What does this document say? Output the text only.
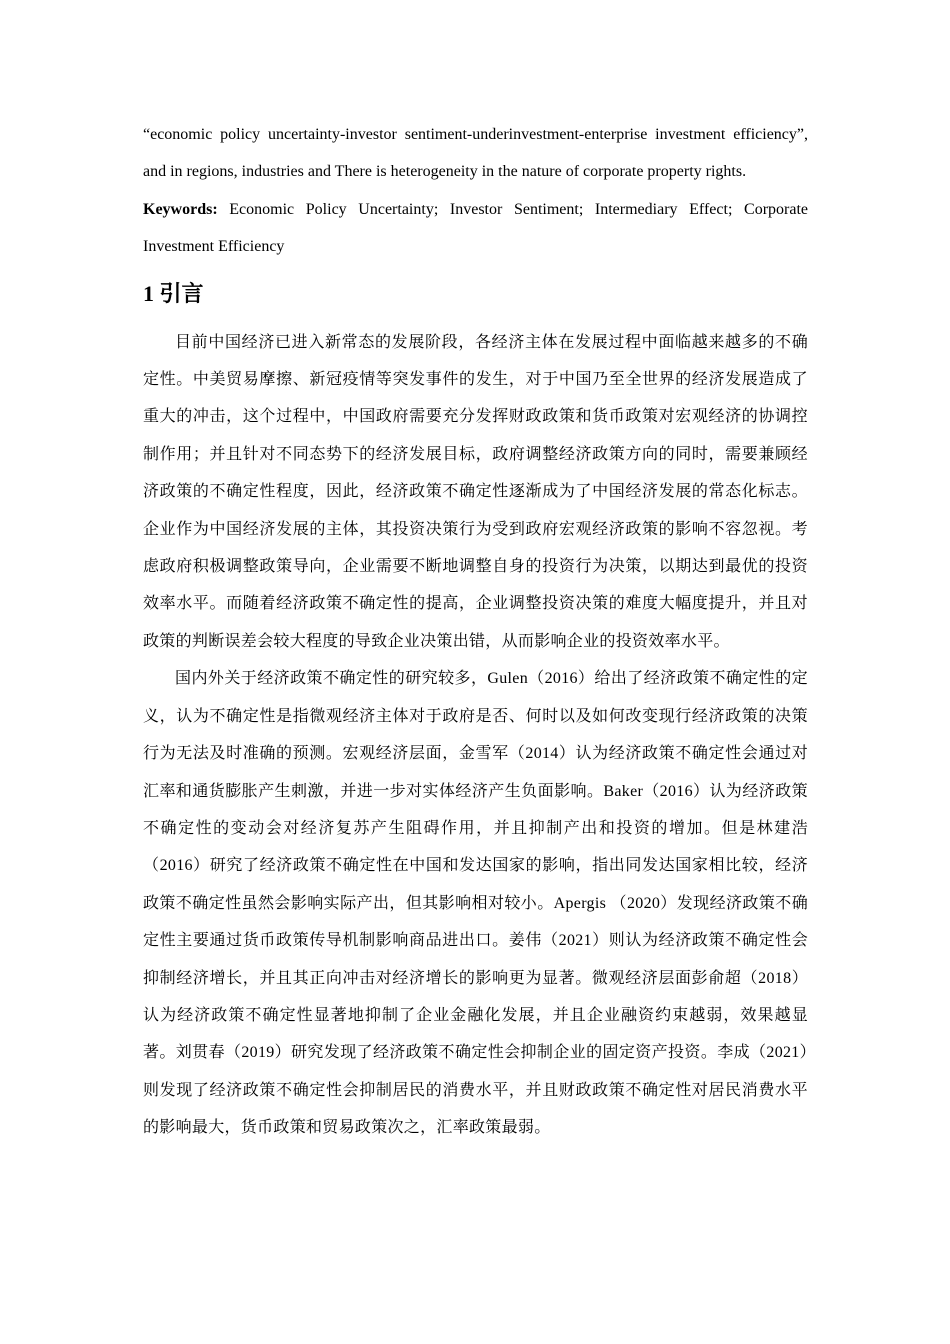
“economic policy uncertainty-investor sentiment-underinvestment-enterprise investment efficiency”, and in regions, industries and There is heterogeneity in the nature of corporate property rights.

Keywords: Economic Policy Uncertainty; Investor Sentiment; Intermediary Effect; Corporate Investment Efficiency

1 引言

目前中国经济已进入新常态的发展阶段，各经济主体在发展过程中面临越来越多的不确定性。中美贸易摩擦、新冠疫情等突发事件的发生，对于中国乃至全世界的经济发展造成了重大的冲击，这个过程中，中国政府需要充分发挥财政政策和货币政策对宏观经济的协调控制作用；并且针对不同态势下的经济发展目标，政府调整经济政策方向的同时，需要兼顾经济政策的不确定性程度，因此，经济政策不确定性逐渐成为了中国经济发展的常态化标志。企业作为中国经济发展的主体，其投资决策行为受到政府宏观经济政策的影响不容忽视。考虑政府积极调整政策导向，企业需要不断地调整自身的投资行为决策，以期达到最优的投资效率水平。而随着经济政策不确定性的提高，企业调整投资决策的难度大幅度提升，并且对政策的判断误差会较大程度的导致企业决策出错，从而影响企业的投资效率水平。

国内外关于经济政策不确定性的研究较多，Gulen（2016）给出了经济政策不确定性的定义，认为不确定性是指微观经济主体对于政府是否、何时以及如何改变现行经济政策的决策行为无法及时准确的预测。宏观经济层面，金雪军（2014）认为经济政策不确定性会通过对汇率和通货膨胀产生刺激，并进一步对实体经济产生负面影响。Baker（2016）认为经济政策不确定性的变动会对经济复苏产生阻碍作用，并且抑制产出和投资的增加。但是林建浩（2016）研究了经济政策不确定性在中国和发达国家的影响，指出同发达国家相比较，经济政策不确定性虽然会影响实际产出，但其影响相对较小。Apergis （2020）发现经济政策不确定性主要通过货币政策传导机制影响商品进出口。姜伟（2021）则认为经济政策不确定性会抑制经济增长，并且其正向冲击对经济增长的影响更为显著。微观经济层面彭俞超（2018）认为经济政策不确定性显著地抑制了企业金融化发展，并且企业融资约束越弱，效果越显著。刘贯春（2019）研究发现了经济政策不确定性会抑制企业的固定资产投资。李成（2021）则发现了经济政策不确定性会抑制居民的消费水平，并且财政政策不确定性对居民消费水平的影响最大，货币政策和贸易政策次之，汇率政策最弱。
